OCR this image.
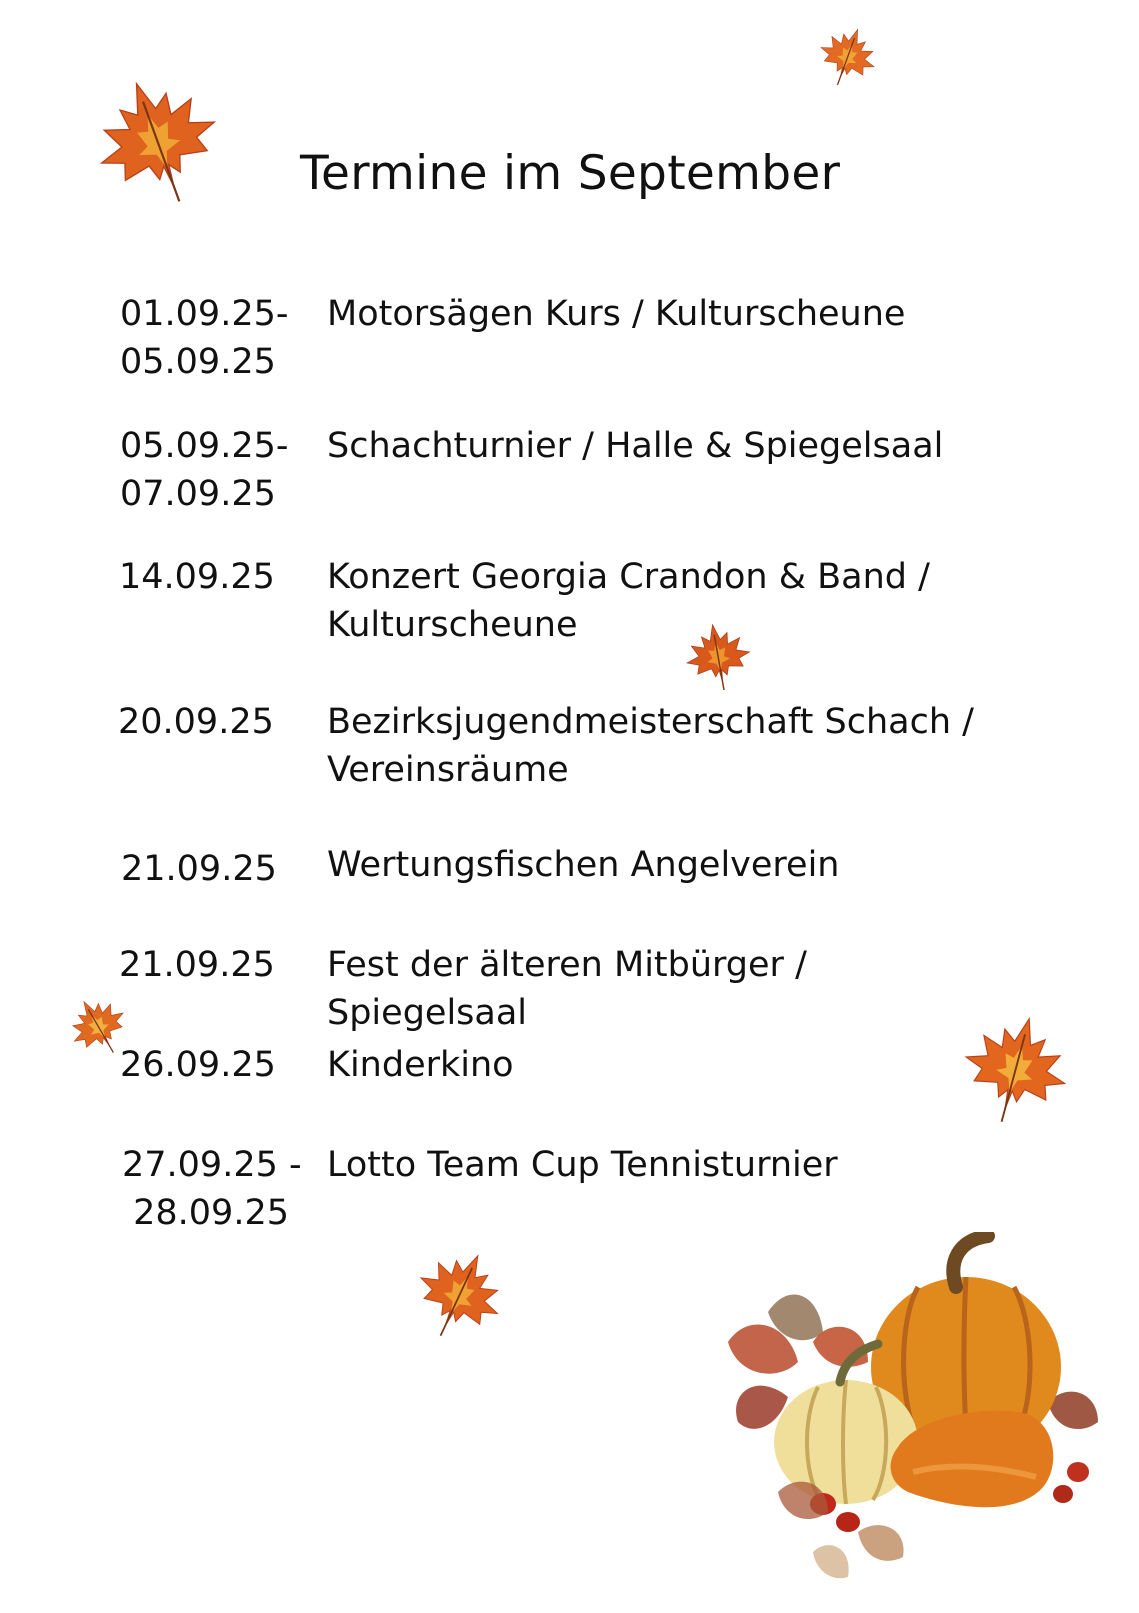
Termine im September
01.09.25-
05.09.25
Motorsägen Kurs / Kulturscheune
05.09.25-
07.09.25
Schachturnier / Halle & Spiegelsaal
14.09.25 Konzert Georgia Crandon & Band /
Kulturscheune
20.09.25 Bezirksjugendmeisterschaft Schach /
Vereinsräume
21.09.25 Wertungsfischen Angelverein
21.09.25 Fest der älteren Mitbürger / Spiegelsaal
26.09.25 Kinderkino
27.09.25 -
28.09.25
Lotto Team Cup Tennisturnier
